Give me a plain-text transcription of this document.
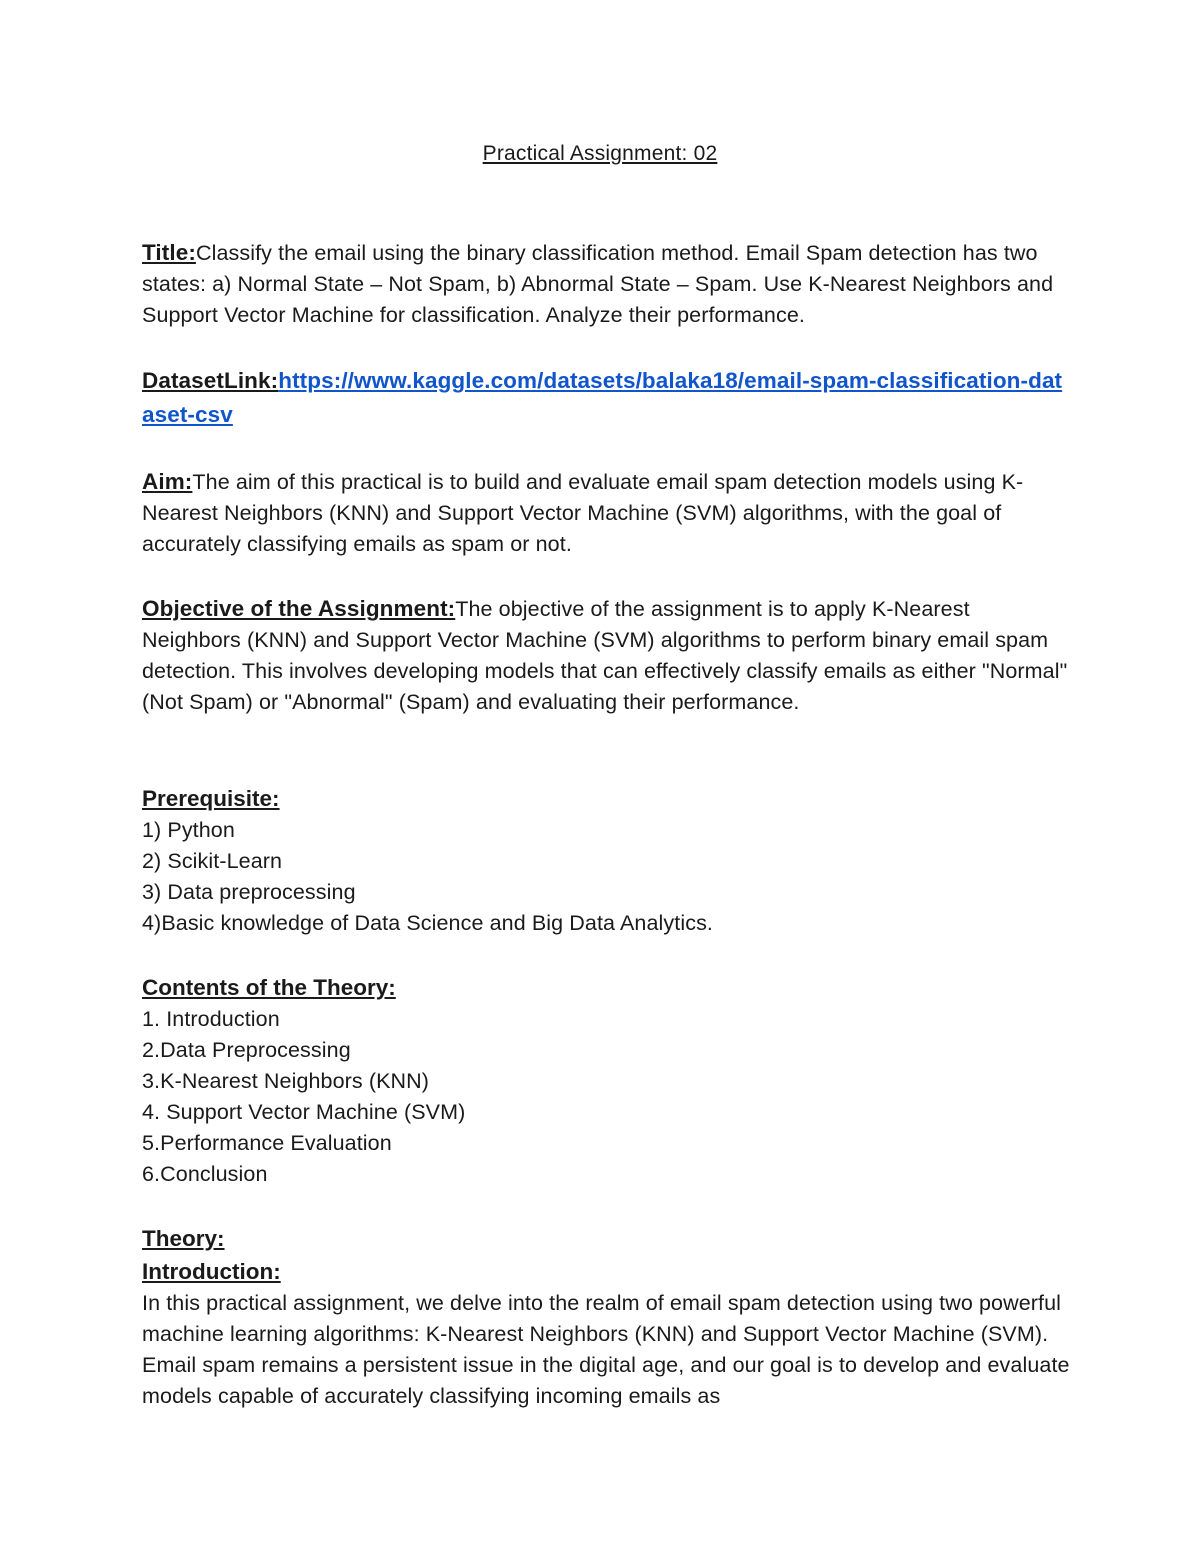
Practical Assignment: 02

Title:Classify the email using the binary classification method. Email Spam detection has two states: a) Normal State – Not Spam, b) Abnormal State – Spam. Use K-Nearest Neighbors and Support Vector Machine for classification. Analyze their performance.

DatasetLink:https://www.kaggle.com/datasets/balaka18/email-spam-classification-dataset-csv

Aim:The aim of this practical is to build and evaluate email spam detection models using K-Nearest Neighbors (KNN) and Support Vector Machine (SVM) algorithms, with the goal of accurately classifying emails as spam or not.

Objective of the Assignment:The objective of the assignment is to apply K-Nearest Neighbors (KNN) and Support Vector Machine (SVM) algorithms to perform binary email spam detection. This involves developing models that can effectively classify emails as either "Normal" (Not Spam) or "Abnormal" (Spam) and evaluating their performance.

Prerequisite:
1) Python
2) Scikit-Learn
3) Data preprocessing
4)Basic knowledge of Data Science and Big Data Analytics.
Contents of the Theory:
1. Introduction
2.Data Preprocessing
3.K-Nearest Neighbors (KNN)
4. Support Vector Machine (SVM)
5.Performance Evaluation
6.Conclusion
Theory:
Introduction:

In this practical assignment, we delve into the realm of email spam detection using two powerful machine learning algorithms: K-Nearest Neighbors (KNN) and Support Vector Machine (SVM). Email spam remains a persistent issue in the digital age, and our goal is to develop and evaluate models capable of accurately classifying incoming emails as
